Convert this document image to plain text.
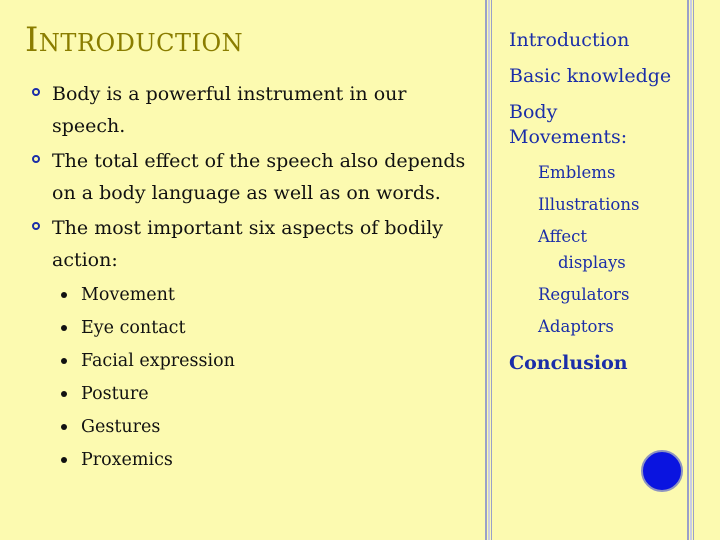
Introduction
Body is a powerful instrument in our speech.
The total effect of the speech also depends on a body language as well as on words.
The most important six aspects of bodily action:
Movement
Eye contact
Facial expression
Posture
Gestures
Proxemics
Introduction
Basic knowledge
Body Movements:
Emblems
Illustrations
Affect
displays
Regulators
Adaptors
Conclusion
